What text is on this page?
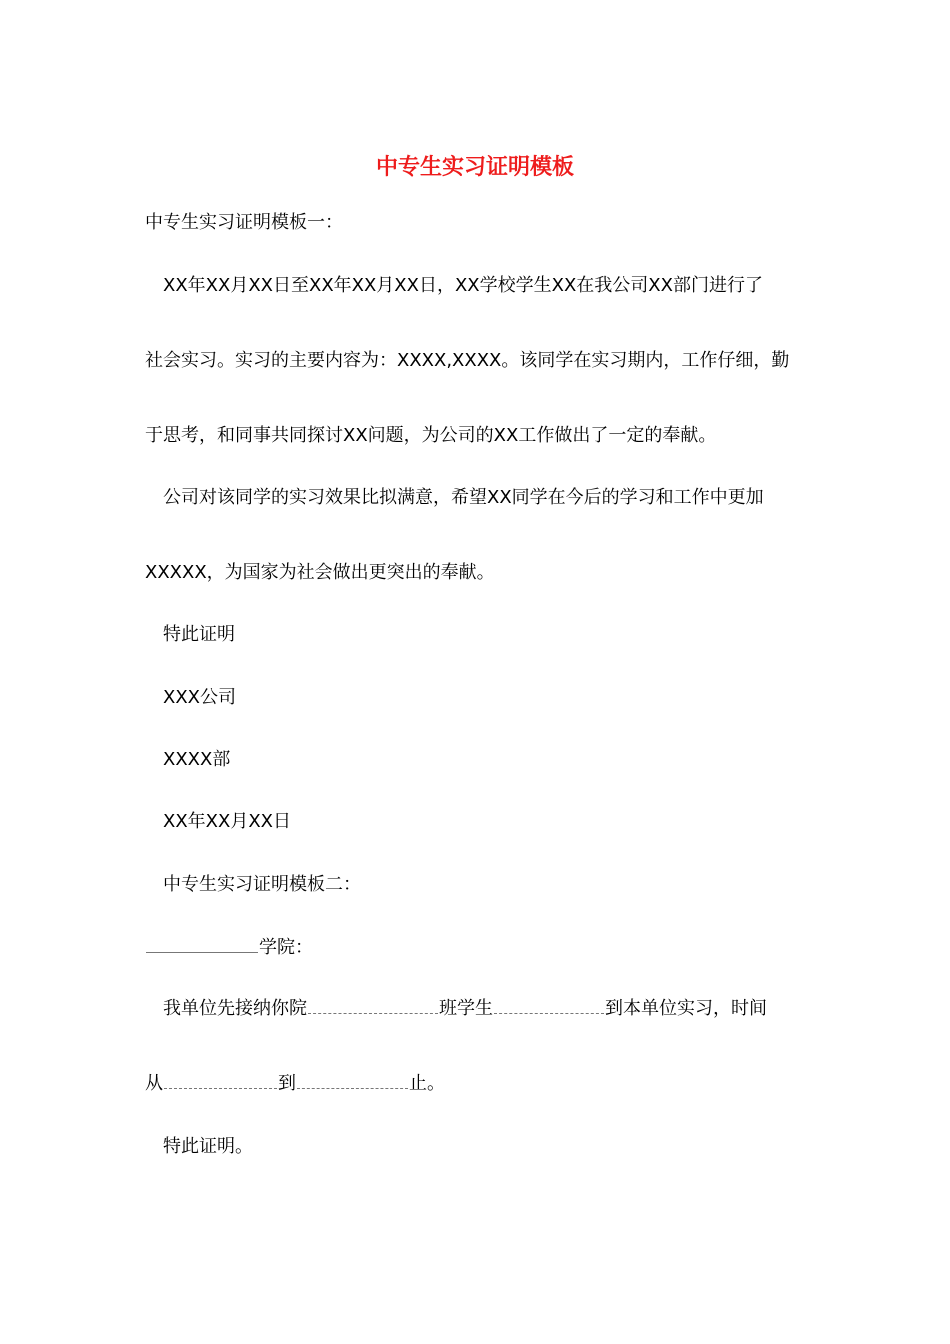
中专生实习证明模板
中专生实习证明模板一：
XX年XX月XX日至XX年XX月XX日，XX学校学生XX在我公司XX部门进行了
社会实习。实习的主要内容为：XXXX,XXXX。该同学在实习期内，工作仔细，勤
于思考，和同事共同探讨XX问题，为公司的XX工作做出了一定的奉献。
公司对该同学的实习效果比拟满意，希望XX同学在今后的学习和工作中更加
XXXXX，为国家为社会做出更突出的奉献。
特此证明
XXX公司
XXXX部
XX年XX月XX日
中专生实习证明模板二：
学院：
我单位先接纳你院	班学生	到本单位实习，时间
从	到	止。
特此证明。
